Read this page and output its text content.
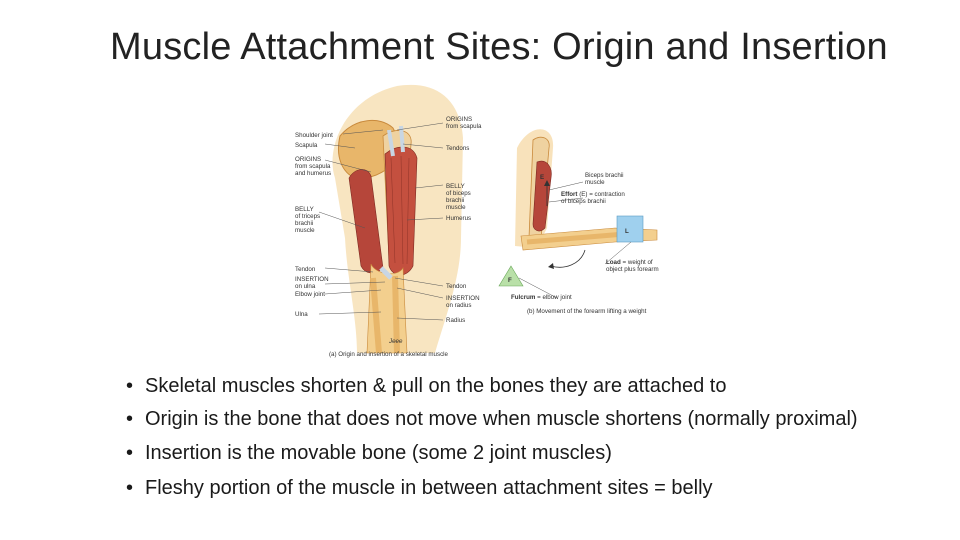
Muscle Attachment Sites: Origin and Insertion
Shoulder joint
Scapula
ORIGINS
from scapula
and humerus
BELLY
of triceps
brachii
muscle
Tendon
INSERTION
on ulna
Elbow joint
Ulna
ORIGINS
from scapula
Tendons
BELLY
of biceps
brachii
muscle
Humerus
Tendon
INSERTION
on radius
Radius
Jeee
(a) Origin and insertion of a skeletal muscle
Biceps brachii
muscle
Effort (E) = contraction
of biceps brachii
Load = weight of
object plus forearm
Fulcrum = elbow joint
(b) Movement of the forearm lifting a weight
E
L
F
• Skeletal muscles shorten & pull on the bones they are attached to
• Origin is the bone that does not move when muscle shortens (normally proximal)
• Insertion is the movable bone (some 2 joint muscles)
• Fleshy portion of the muscle in between attachment sites = belly
